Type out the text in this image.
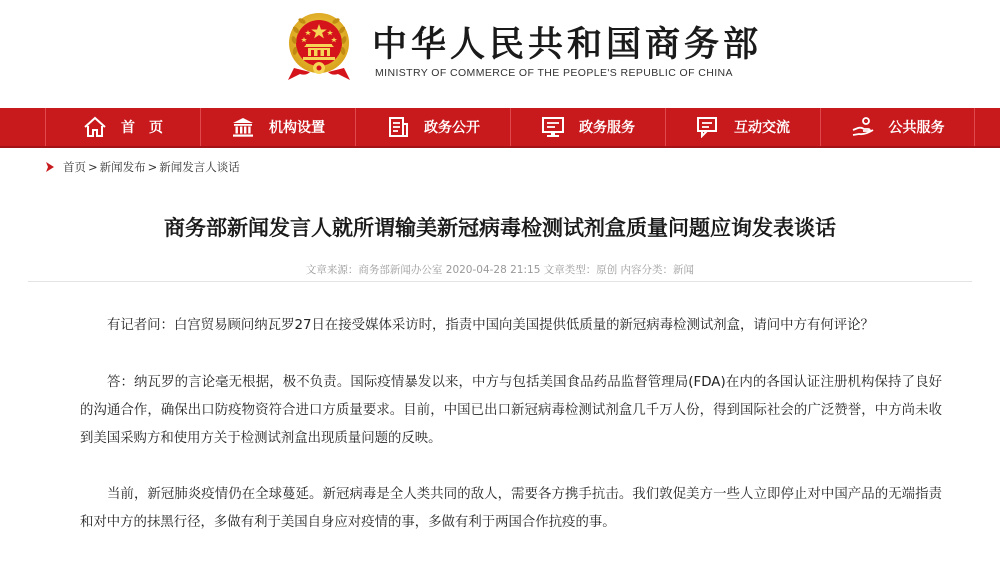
中华人民共和国商务部
MINISTRY OF COMMERCE OF THE PEOPLE'S REPUBLIC OF CHINA
首　页	机构设置	政务公开	政务服务	互动交流	公共服务
首页 > 新闻发布 > 新闻发言人谈话
商务部新闻发言人就所谓输美新冠病毒检测试剂盒质量问题应询发表谈话
文章来源：商务部新闻办公室 2020-04-28 21:15 文章类型：原创 内容分类：新闻

有记者问：白宫贸易顾问纳瓦罗27日在接受媒体采访时，指责中国向美国提供低质量的新冠病毒检测试剂盒，请问中方有何评论？

答：纳瓦罗的言论毫无根据，极不负责。国际疫情暴发以来，中方与包括美国食品药品监督管理局(FDA)在内的各国认证注册机构保持了良好的沟通合作，确保出口防疫物资符合进口方质量要求。目前，中国已出口新冠病毒检测试剂盒几千万人份，得到国际社会的广泛赞誉，中方尚未收到美国采购方和使用方关于检测试剂盒出现质量问题的反映。

当前，新冠肺炎疫情仍在全球蔓延。新冠病毒是全人类共同的敌人，需要各方携手抗击。我们敦促美方一些人立即停止对中国产品的无端指责和对中方的抹黑行径，多做有利于美国自身应对疫情的事，多做有利于两国合作抗疫的事。
